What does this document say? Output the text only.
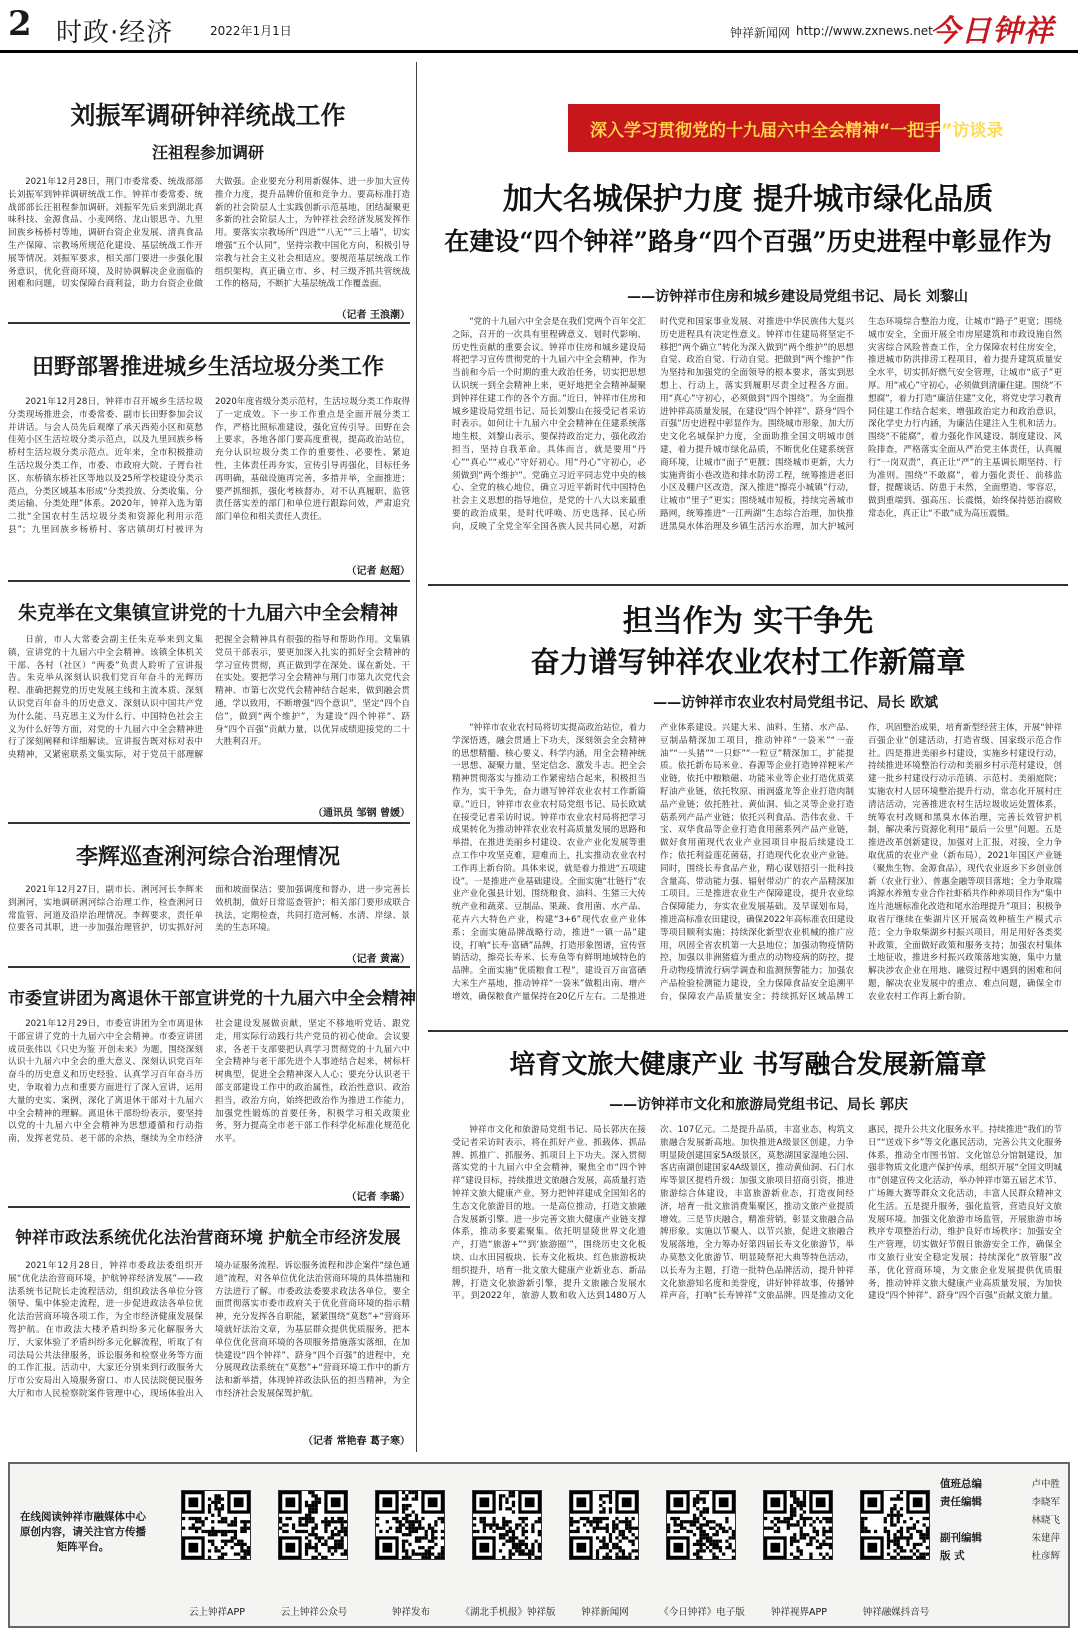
2 时政·经济	2022年1月1日	钟祥新闻网 http://www.zxnews.net
今日钟祥
刘振军调研钟祥统战工作
汪祖程参加调研

2021年12月28日，荆门市委常委、统战部部长刘振军到钟祥调研统战工作。钟祥市委常委、统战部部长汪祖程参加调研。刘振军先后来到湖北真味科技、金源食品、小麦网络、龙山银思寺、九里回族乡杨桥村等地，调研台资企业发展、清真食品生产保障、宗教场所规范化建设、基层统战工作开展等情况。刘振军要求，相关部门要进一步强化服务意识，优化营商环境，及时协调解决企业面临的困难和问题，切实保障台商利益，助力台资企业做大做强。企业要充分利用新媒体、进一步加大宣传推介力度，提升品牌价值和竞争力。要高标准打造新的社会阶层人士实践创新示范基地，团结凝聚更多新的社会阶层人士，为钟祥社会经济发展发挥作用。要落实宗教场所“四进”“八无”“三上墙”，切实增强“五个认同”，坚持宗教中国化方向，积极引导宗教与社会主义社会相适应。要规范基层统战工作组织架构，真正确立市、乡、村三级齐抓共管统战工作的格局，不断扩大基层统战工作覆盖面。

（记者 王浪潮）
田野部署推进城乡生活垃圾分类工作

2021年12月28日，钟祥市召开城乡生活垃圾分类现场推进会，市委常委、副市长田野参加会议并讲话。与会人员先后观摩了承天西苑小区和莫愁佳苑小区生活垃圾分类示范点，以及九里回族乡杨桥村生活垃圾分类示范点。近年来，全市积极推动生活垃圾分类工作，市委、市政府大院、子胥台社区、东桥镇东桥社区等地以及25所学校建设分类示范点，分类区域基本形成“分类投放、分类收集、分类运输、分类处理”体系。2020年，钟祥入选为第二批“全国农村生活垃圾分类和资源化利用示范县”；九里回族乡杨桥村、客店镇胡灯村被评为2020年度省级分类示范村，生活垃圾分类工作取得了一定成效。下一步工作重点是全面开展分类工作，严格比照标准建设，强化宣传引导。田野在会上要求，各地各部门要高度重视，提高政治站位，充分认识垃圾分类工作的重要性、必要性、紧迫性，主体责任再夯实，宣传引导再强化，目标任务再明确，基础设施再完善，多措并举，全面推进；要严抓细抓，强化考核督办，对不认真履职、监管责任落实差的部门和单位进行跟踪问效，严肃追究部门单位和相关责任人责任。

（记者 赵超）
朱克举在文集镇宣讲党的十九届六中全会精神

日前，市人大常委会副主任朱克举来到文集镇，宣讲党的十九届六中全会精神。该镇全体机关干部、各村（社区）“两委”负责人聆听了宣讲报告。朱克举从深刻认识我们党百年奋斗的光辉历程、准确把握党的历史发展主线和主流本质、深刻认识党百年奋斗的历史意义、深刻认识中国共产党为什么能、马克思主义为什么行、中国特色社会主义为什么好等方面，对党的十九届六中全会精神进行了深刻阐释和详细解读。宣讲报告既对标对表中央精神，又紧密联系文集实际，对于党员干部理解把握全会精神具有很强的指导和帮助作用。文集镇党员干部表示，要更加深入扎实的抓好全会精神的学习宣传贯彻，真正做到学在深处、谋在新处、干在实处。要把学习全会精神与荆门市第九次党代会精神、市第七次党代会精神结合起来，做到融会贯通，学以致用，不断增强“四个意识”，坚定“四个自信”，做到“两个维护”，为建设“四个钟祥”、跻身“四个百强”贡献力量，以优异成绩迎接党的二十大胜利召开。

（通讯员 邹钢 曾媛）
李辉巡查浰河综合治理情况

2021年12月27日，副市长、浰河河长李辉来到浰河，实地调研浰河综合治理工作，检查浰河日常监管、河道及沿岸治理情况。李辉要求，责任单位要各司其职，进一步加强治理管护，切实抓好河面和坡面保洁；要加强调度和督办，进一步完善长效机制，做好日常巡查管护；相关部门要形成联合执法，定期检查，共同打造河畅、水清、岸绿、景美的生态环境。

（记者 黄嵩）
市委宣讲团为离退休干部宣讲党的十九届六中全会精神

2021年12月29日，市委宣讲团为全市离退休干部宣讲了党的十九届六中全会精神。市委宣讲团成员张伟以《只史为鉴 开创未来》为题，围绕深刻认识十九届六中全会的重大意义、深刻认识党百年奋斗的历史意义和历史经验、认真学习百年奋斗历史，争取着力点和重要方面进行了深入宣讲，运用大量的史实、案例，深化了离退休干部对十九届六中全会精神的理解。离退休干部纷纷表示，要坚持以党的十九届六中全会精神为思想遵循和行动指南，发挥老党员、老干部的余热，继续为全市经济社会建设发展做贡献，坚定不移地听党话、跟党走，用实际行动践行共产党员的初心使命。会议要求，各老干支部要把认真学习贯彻党的十九届六中全会精神与老干部先进个人事迹结合起来，树标杆树典型，促进全会精神深入人心；要充分认识老干部支部建设工作中的政治属性，政治性意识、政治担当，政治方向，始终把政治作为推进工作能力，加强党性锻炼的首要任务，积极学习相关政策业务，努力提高全市老干部工作科学化标准化规范化水平。

（记者 李璐）
钟祥市政法系统优化法治营商环境 护航全市经济发展

2021年12月28日，钟祥市委政法委组织开展“优化法治营商环境，护航钟祥经济发展”——政法系统书记院长走流程活动，组织政法各单位分管领导、集中体验走流程，进一步促进政法各单位优化法治营商环境各项工作，为全市经济健康发展保驾护航。在市政法大楼矛盾纠纷多元化解服务大厅，大家体验了矛盾纠纷多元化解流程，听取了有司法局公共法律服务，诉讼服务和检察业务等方面的工作汇报。活动中，大家还分别来到行政服务大厅市公安局出入境服务窗口、市人民法院便民服务大厅和市人民检察院案件管理中心，现场体验出入境办证服务流程、诉讼服务流程和涉企案件“绿色通道”流程，对各单位优化法治营商环境的具体措施和方法进行了解。市委政法委要求政法各单位，要全面贯彻落实市委市政府关于优化营商环境的指示精神，充分发挥各自职能，紧紧围绕“莫愁”+“营商环境就好法治文章，为基层群众提供优质服务，把本单位优化营商环境的各项服务措施落实落细，在加快建设“四个钟祥”、跻身“四个百强”的进程中，充分展现政法系统在“莫愁”+“营商环境工作中的新方法和新举措，体现钟祥政法队伍的担当精神，为全市经济社会发展保驾护航。

（记者 常艳春 葛子寒）
深入学习贯彻党的十九届六中全会精神“一把手”访谈录
加大名城保护力度 提升城市绿化品质
在建设“四个钟祥”路身“四个百强”历史进程中彰显作为
——访钟祥市住房和城乡建设局党组书记、局长 刘黎山

“党的十九届六中全会是在我们党两个百年交汇之际，召开的一次具有里程碑意义、划时代影响、历史性贡献的重要会议。钟祥市住房和城乡建设局将把学习宣传贯彻党的十九届六中全会精神，作为当前和今后一个时期的重大政治任务，切实把思想认识统一到全会精神上来，更好地把全会精神凝聚到钟祥住建工作的各个方面。”近日，钟祥市住房和城乡建设局党组书记、局长刘黎山在接受记者采访时表示。如何让十九届六中全会精神在住建系统落地生根，刘黎山表示，要保持政治定力，强化政治担当，坚持自我革命。具体而言，就是要用“丹心”“真心”“戒心”守好初心。用“丹心”守初心，必须做到“两个维护”。党确立习近平同志党中央的核心、全党的核心地位，确立习近平新时代中国特色社会主义思想的指导地位，是党的十八大以来最重要的政治成果，是时代呼唤、历史选择、民心所向，反映了全党全军全国各族人民共同心愿，对新时代党和国家事业发展、对推进中华民族伟大复兴历史进程具有决定性意义。钟祥市住建局将坚定不移把“两个确立”转化为深入做到“两个维护”的思想自觉、政治自觉、行动自觉。把做到“两个维护”作为坚持和加强党的全面领导的根本要求，落实到思想上、行动上，落实到履职尽责全过程各方面。用“真心”守初心，必须做到“四个围绕”。为全面推进钟祥高质量发展，在建设“四个钟祥”、跻身“四个百强”历史进程中彰显作为。围绕城市形象，加大历史文化名城保护力度，全面助推全国文明城市创建，着力提升城市绿化品质，不断优化住建系统营商环境，让城市“面子”更靓；围绕城市更新，大力实施背街小巷改造和排水防涝工程，统筹推进老旧小区及棚户区改造，深入推进“擦亮小城镇”行动，让城市“里子”更实；围绕城市短板，持续完善城市路网，统筹推进“一江两湖”生态综合治理，加快推进黑臭水体治理及乡镇生活污水治理，加大护城河生态环境综合整治力度，让城市“路子”更宽；围绕城市安全，全面开展全市房屋建筑和市政设施自然灾害综合风险普查工作，全力保障农村住房安全，推进城市防洪排涝工程项目，着力提升建筑质量安全水平，切实抓好燃气安全管理，让城市“底子”更厚。用“戒心”守初心，必须做到清廉住建。围绕“不想腐”，着力打造“廉洁住建”文化，将党史学习教育同住建工作结合起来，增强政治定力和政治意识，深化学史力行内涵，为廉洁住建注入生机和活力。围绕“不能腐”，着力强化作风建设、制度建设、风险排查，严格落实全面从严治党主体责任，认真履行“一岗双责”，真正让“严”的主基调长期坚持、行为准则。围绕“不敢腐”，着力强化责任、前移监督，提醒谈话、防患于未然，全面塑造、零容忍，做到重端到、强高压、长震慑，始终保持惩治腐败常态化，真正让“不敢”成为高压震慑。

担当作为 实干争先
奋力谱写钟祥农业农村工作新篇章
——访钟祥市农业农村局党组书记、局长 欧斌

“钟祥市农业农村局将切实提高政治站位，着力学深悟透，融会贯通上下功夫，深刻领会全会精神的思想精髓、核心要义、科学内涵，用全会精神统一思想、凝聚力量，坚定信念、激发斗志。把全会精神贯彻落实与推动工作紧密结合起来，积极担当作为，实干争先，奋力谱写钟祥农业农村工作新篇章。”近日，钟祥市农业农村局党组书记、局长欧斌在接受记者采访时说。钟祥市农业农村局将把学习成果转化为推动钟祥农业农村高质量发展的思路和举措，在推进美丽乡村建设、农业产业化发展等重点工作中攻坚克难，迎难而上，扎实推动农业农村工作再上新台阶。具体来说，就是着力推进“五项建设”。一是推进产业基础建设。全面实施“壮链行”农业产业化强县计划，围绕粮食、油料、生猪三大传统产业和蔬菜、豆制品、果蔬、食用菌、水产品、花卉六大特色产业，构建“3+6”现代农业产业体系；全面实施品牌战略行动，推进“一镇一品”建设，打响“长寿·富硒”品牌，打造形象图谱，宣传营销活动，擦亮长寿米、长寿鱼等有鲜明地域特色的品牌。全面实施“优质粮食工程”，建设百万亩富硒大米生产基地，推动钟祥“一袋米”做粗出南、增产增效，确保粮食产量保持在20亿斤左右。二是推进产业体系建设。兴建大米、油料、生猪、水产品、豆制品精深加工项目，推动钟祥“一袋米”“一壶油”“一头猪”“一只虾”“一粒豆”精深加工，扩能提质。依托新布局米业、春源等企业打造钟祥粳米产业链，依托中粮粮磁、功能米业等企业打造优质菜籽油产业链，依托牧原、雨润盛龙等企业打造肉制品产业链；依托胜社、黄仙洞、仙之灵等企业打造菇系列产品产业链；依托兴利食品、浩伟农业、千宝、双华食品等企业打造食用菌系列产品产业链，做好食用菌现代农业产业园项目申报后续建设工作；依托利益莲花菌菇，打造现代化农业产业链。同时，围绕长寿食品产业，精心谋划招引一批科技含量高、带动能力强、辐射带动广的农产品精深加工项目。三是推进农业生产保障建设，提升农业综合保障能力，夯实农业发展基础。及早谋划布局，推进高标准农田建设，确保2022年高标准农田建设等项目顺利实施；持续深化新型农业机械的推广应用，巩固全省农机第一大县地位；加强动物疫情防控，加强以非洲猪瘟为重点的动物疫病的防控，提升动物疫情流行病学调查和监测预警能力；加强农产品检验检测能力建设，全力保障食品安全追溯平台，保障农产品质量安全；持续抓好区域品牌工作，巩固整治成果，培育新型经营主体，开展“钟祥百强企业”创建活动，打造省级、国家级示范合作社。四是推进美丽乡村建设，实施乡村建设行动，持续推进环境整治行动和美丽乡村示范村建设，创建一批乡村建设行动示范镇、示范村、美丽庭院；实施农村人居环境整治提升行动，常态化开展村庄清洁活动，完善推进农村生活垃圾收运处置体系，统筹农村改厕和黑臭水体治理，完善长效管护机制，解决乘污资源化利用“最后一公里”问题。五是推进改革创新建设，加强对上汇报，对接，全力争取优质的农业产业（新布局），2021年国区产业链（聚焦生物、金源食品），现代农业返乡下乡创业创新（农业行业）、普惠金融等项目落地；全力争取瑞鸿源水养殖专业合作社虾稻共作种养项目作为“集中连片池塘标准化改造和尾水治理提升”项目；积极争取省厅继续在柴湖片区开展高效种植生产模式示范；全力争取柴湖乡村振兴项目，用足用好各类奖补政策，全面做好政策和服务支持；加强农村集体土地征收，推进乡村振兴政策落地实施，集中力量解决涉农企业在用地、融资过程中遇到的困难和问题，解决农业发展中的重点、难点问题，确保全市农业农村工作再上新台阶。

培育文旅大健康产业 书写融合发展新篇章
——访钟祥市文化和旅游局党组书记、局长 郭庆

钟祥市文化和旅游局党组书记、局长郭庆在接受记者采访时表示，将在抓好产业、抓载体、抓品牌、抓推广、抓服务、抓项目上下功夫。深入贯彻落实党的十九届六中全会精神，聚焦全市“四个钟祥”建设目标，持续推进文旅融合发展，高质量打造钟祥文旅大健康产业，努力把钟祥建成全国知名的生态文化旅游目的地。一是高位推动，打造文旅融合发展新引擎。进一步完善文旅大健康产业链支撑体系，推动多要素聚集。依托明显陵世界文化遗产，打造“旅游+”“到‘旅游圈’”，围绕历史文化板块、山水田园板块、长寿文化板块、红色旅游板块组织提升，培育一批文旅大健康产业新业态、新品牌，打造文化旅游新引擎，提升文旅融合发展水平。到2022年，旅游人数和收入达到1480万人次、107亿元。二是提升品质，丰富业态，构筑文旅融合发展新高地。加快推进A级景区创建，力争明显陵创建国家5A级景区，莫愁湖国家湿地公园、客店南湖创建国家4A级景区，推动黄仙洞、石门水库等景区提档升级；加强文旅项目招商引资，推进旅游综合体建设，丰富旅游新业态，打造夜间经济，培育一批文旅消费集聚区，推动文旅产业提质增效。三是节庆融合，精准营销，彰显文旅融合品牌形象。实施以节聚人、以节兴旅，促进文旅融合发展落地，全力筹办好第四届长寿文化旅游节，举办莫愁文化旅游节、明显陵祭祀大典等特色活动，以长寿为主题，打造一批特色品牌活动，提升钟祥文化旅游知名度和美誉度，讲好钟祥故事，传播钟祥声音，打响“长寿钟祥”文旅品牌。四是推动文化惠民，提升公共文化服务水平。持续推进“我们的节日”“送戏下乡”等文化惠民活动，完善公共文化服务体系，推动全市图书馆、文化馆总分馆制建设，加强非物质文化遗产保护传承，组织开展“全国文明城市”创建宣传文化活动，举办钟祥市第五届艺术节、广场舞大赛等群众文化活动，丰富人民群众精神文化生活。五是提升服务，强化监管，营造良好文旅发展环境。加强文化旅游市场监管，开展旅游市场秩序专项整治行动，维护良好市场秩序；加强安全生产管理，切实做好节假日旅游安全工作，确保全市文旅行业安全稳定发展；持续深化“放管服”改革，优化营商环境，为文旅企业发展提供优质服务，推动钟祥文旅大健康产业高质量发展，为加快建设“四个钟祥”、跻身“四个百强”贡献文旅力量。

在线阅读钟祥市融媒体中心原创内容，请关注官方传播矩阵平台。
云上钟祥APP	云上钟祥公众号	钟祥发布	《湖北手机报》钟祥版	钟祥新闻网	《今日钟祥》电子版	钟祥视界APP	钟祥融媒抖音号
值班总编	卢中胜
责任编辑	李晓军
林晓飞
副刊编辑	朱建萍
版 式	杜彦辉
